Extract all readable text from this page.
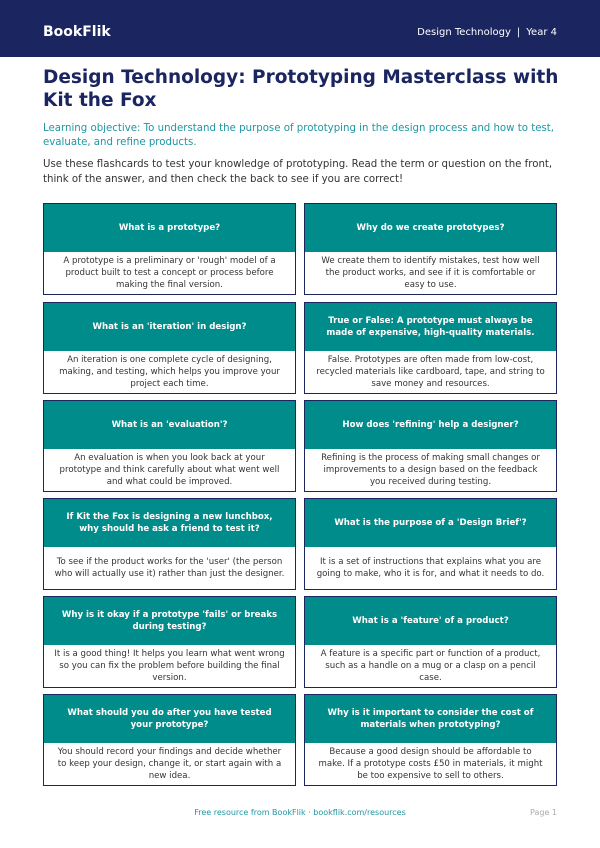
BookFlik	Design Technology | Year 4
Design Technology: Prototyping Masterclass with Kit the Fox
Learning objective: To understand the purpose of prototyping in the design process and how to test, evaluate, and refine products.
Use these flashcards to test your knowledge of prototyping. Read the term or question on the front, think of the answer, and then check the back to see if you are correct!
What is a prototype?
A prototype is a preliminary or 'rough' model of a product built to test a concept or process before making the final version.
Why do we create prototypes?
We create them to identify mistakes, test how well the product works, and see if it is comfortable or easy to use.
What is an 'iteration' in design?
An iteration is one complete cycle of designing, making, and testing, which helps you improve your project each time.
True or False: A prototype must always be made of expensive, high-quality materials.
False. Prototypes are often made from low-cost, recycled materials like cardboard, tape, and string to save money and resources.
What is an 'evaluation'?
An evaluation is when you look back at your prototype and think carefully about what went well and what could be improved.
How does 'refining' help a designer?
Refining is the process of making small changes or improvements to a design based on the feedback you received during testing.
If Kit the Fox is designing a new lunchbox, why should he ask a friend to test it?
To see if the product works for the 'user' (the person who will actually use it) rather than just the designer.
What is the purpose of a 'Design Brief'?
It is a set of instructions that explains what you are going to make, who it is for, and what it needs to do.
Why is it okay if a prototype 'fails' or breaks during testing?
It is a good thing! It helps you learn what went wrong so you can fix the problem before building the final version.
What is a 'feature' of a product?
A feature is a specific part or function of a product, such as a handle on a mug or a clasp on a pencil case.
What should you do after you have tested your prototype?
You should record your findings and decide whether to keep your design, change it, or start again with a new idea.
Why is it important to consider the cost of materials when prototyping?
Because a good design should be affordable to make. If a prototype costs £50 in materials, it might be too expensive to sell to others.
Free resource from BookFlik · bookflik.com/resources	Page 1
